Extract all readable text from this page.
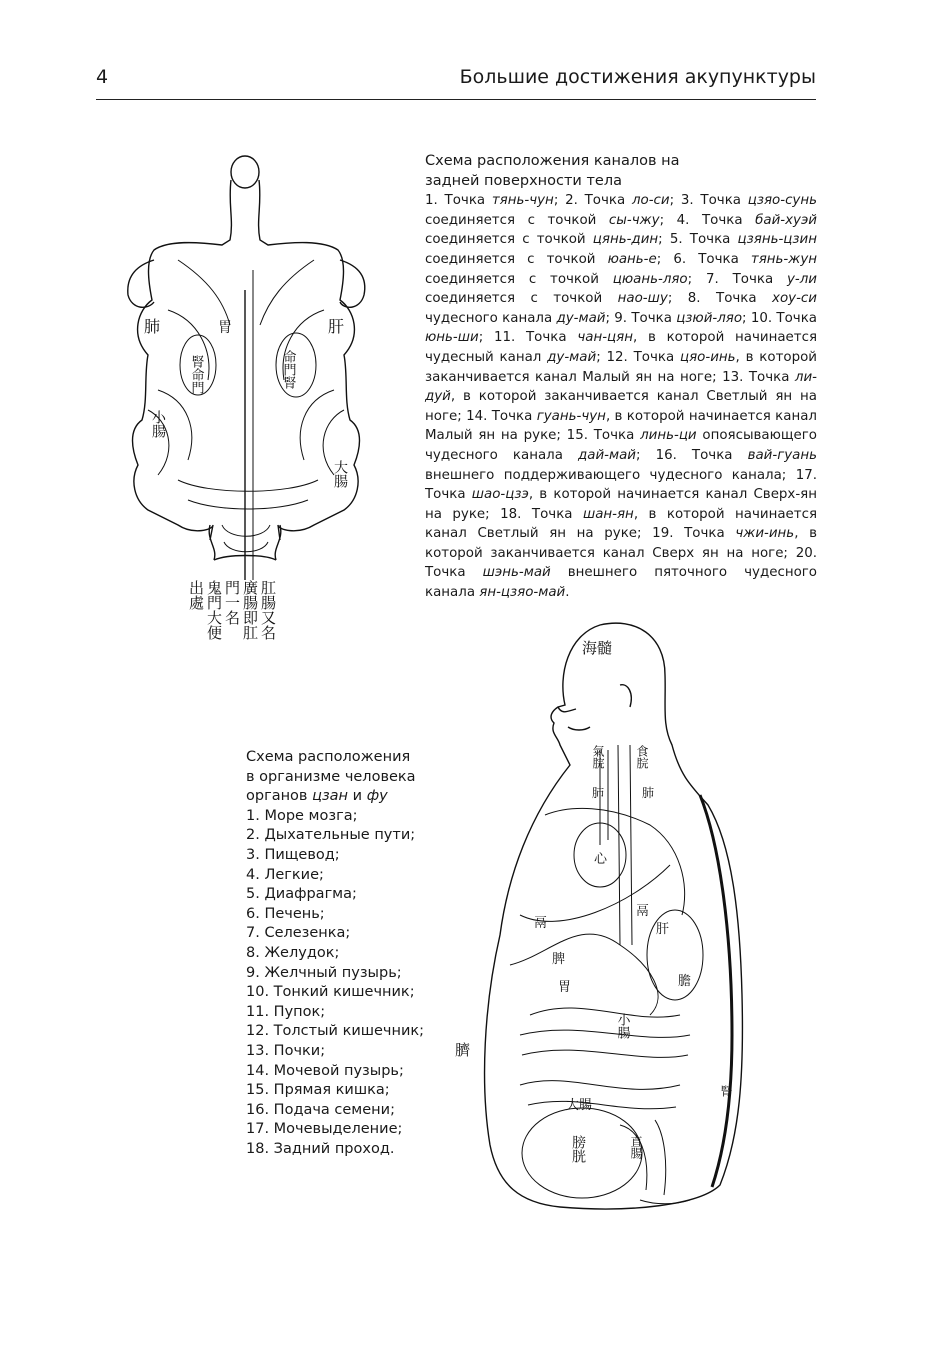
4	Большие достижения акупунктуры
肺	肝
胃
腎命門	命門腎
小腸
大腸
肛腸又名
廣腸即肛
門一名
鬼門大便
出處
Схема расположения каналов на задней поверхности тела
1. Точка тянь-чун; 2. Точка ло-си; 3. Точка цзяо-сунь соединяется с точкой сы-чжу; 4. Точка бай-хуэй соединяется с точкой цянь-дин; 5. Точка цзянь-цзин соединяется с точкой юань-е; 6. Точка тянь-жун соединяется с точкой цюань-ляо; 7. Точка у-ли соединяется с точкой нао-шу; 8. Точка хоу-си чудесного канала ду-май; 9. Точка цзюй-ляо; 10. Точка юнь-ши; 11. Точка чан-цян, в которой начинается чудесный канал ду-май; 12. Точка цяо-инь, в которой заканчивается канал Малый ян на ноге; 13. Точка ли-дуй, в которой заканчивается канал Светлый ян на ноге; 14. Точка гуань-чун, в которой начинается канал Малый ян на руке; 15. Точка линь-ци опоясывающего чудесного канала дай-май; 16. Точка вай-гуань внешнего поддерживающего чудесного канала; 17. Точка шао-цзэ, в которой начинается канал Сверх-ян на руке; 18. Точка шан-ян, в которой начинается канал Светлый ян на руке; 19. Точка чжи-инь, в которой заканчивается канал Сверх ян на ноге; 20. Точка шэнь-май внешнего пяточного чудесного канала ян-цзяо-май.
Схема расположения
в организме человека
органов цзан и фу
1. Море мозга;
2. Дыхательные пути;
3. Пищевод;
4. Легкие;
5. Диафрагма;
6. Печень;
7. Селезенка;
8. Желудок;
9. Желчный пузырь;
10. Тонкий кишечник;
11. Пупок;
12. Толстый кишечник;
13. Почки;
14. Мочевой пузырь;
15. Прямая кишка;
16. Подача семени;
17. Мочевыделение;
18. Задний проход.
海髓
氣脘	食脘
肺	肺
心
鬲
鬲
肝
脾
胃	膽
小腸
臍
大腸
膀胱	直腸
腎
